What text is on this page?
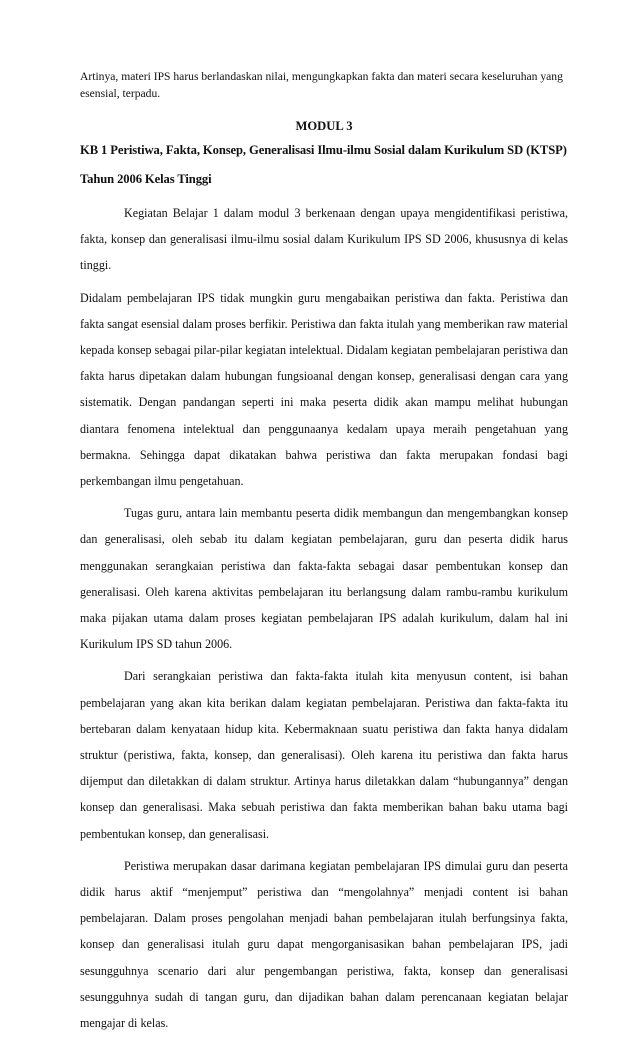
Artinya, materi IPS harus berlandaskan nilai, mengungkapkan fakta dan materi secara keseluruhan yang esensial, terpadu.

MODUL 3
KB 1 Peristiwa, Fakta, Konsep, Generalisasi Ilmu-ilmu Sosial dalam Kurikulum SD (KTSP) Tahun 2006 Kelas Tinggi

Kegiatan Belajar 1 dalam modul 3 berkenaan dengan upaya mengidentifikasi peristiwa, fakta, konsep dan generalisasi ilmu-ilmu sosial dalam Kurikulum IPS SD 2006, khususnya di kelas tinggi.

Didalam pembelajaran IPS tidak mungkin guru mengabaikan peristiwa dan fakta. Peristiwa dan fakta sangat esensial dalam proses berfikir. Peristiwa dan fakta itulah yang memberikan raw material kepada konsep sebagai pilar-pilar kegiatan intelektual. Didalam kegiatan pembelajaran peristiwa dan fakta harus dipetakan dalam hubungan fungsioanal dengan konsep, generalisasi dengan cara yang sistematik. Dengan pandangan seperti ini maka peserta didik akan mampu melihat hubungan diantara fenomena intelektual dan penggunaanya kedalam upaya meraih pengetahuan yang bermakna. Sehingga dapat dikatakan bahwa peristiwa dan fakta merupakan fondasi bagi perkembangan ilmu pengetahuan.

Tugas guru, antara lain membantu peserta didik membangun dan mengembangkan konsep dan generalisasi, oleh sebab itu dalam kegiatan pembelajaran, guru dan peserta didik harus menggunakan serangkaian peristiwa dan fakta-fakta sebagai dasar pembentukan konsep dan generalisasi. Oleh karena aktivitas pembelajaran itu berlangsung dalam rambu-rambu kurikulum maka pijakan utama dalam proses kegiatan pembelajaran IPS adalah kurikulum, dalam hal ini Kurikulum IPS SD tahun 2006.

Dari serangkaian peristiwa dan fakta-fakta itulah kita menyusun content, isi bahan pembelajaran yang akan kita berikan dalam kegiatan pembelajaran. Peristiwa dan fakta-fakta itu bertebaran dalam kenyataan hidup kita. Kebermaknaan suatu peristiwa dan fakta hanya didalam struktur (peristiwa, fakta, konsep, dan generalisasi). Oleh karena itu peristiwa dan fakta harus dijemput dan diletakkan di dalam struktur. Artinya harus diletakkan dalam “hubungannya” dengan konsep dan generalisasi. Maka sebuah peristiwa dan fakta memberikan bahan baku utama bagi pembentukan konsep, dan generalisasi.

Peristiwa merupakan dasar darimana kegiatan pembelajaran IPS dimulai guru dan peserta didik harus aktif “menjemput” peristiwa dan “mengolahnya” menjadi content isi bahan pembelajaran. Dalam proses pengolahan menjadi bahan pembelajaran itulah berfungsinya fakta, konsep dan generalisasi itulah guru dapat mengorganisasikan bahan pembelajaran IPS, jadi sesungguhnya scenario dari alur pengembangan peristiwa, fakta, konsep dan generalisasi sesungguhnya sudah di tangan guru, dan dijadikan bahan dalam perencanaan kegiatan belajar mengajar di kelas.
